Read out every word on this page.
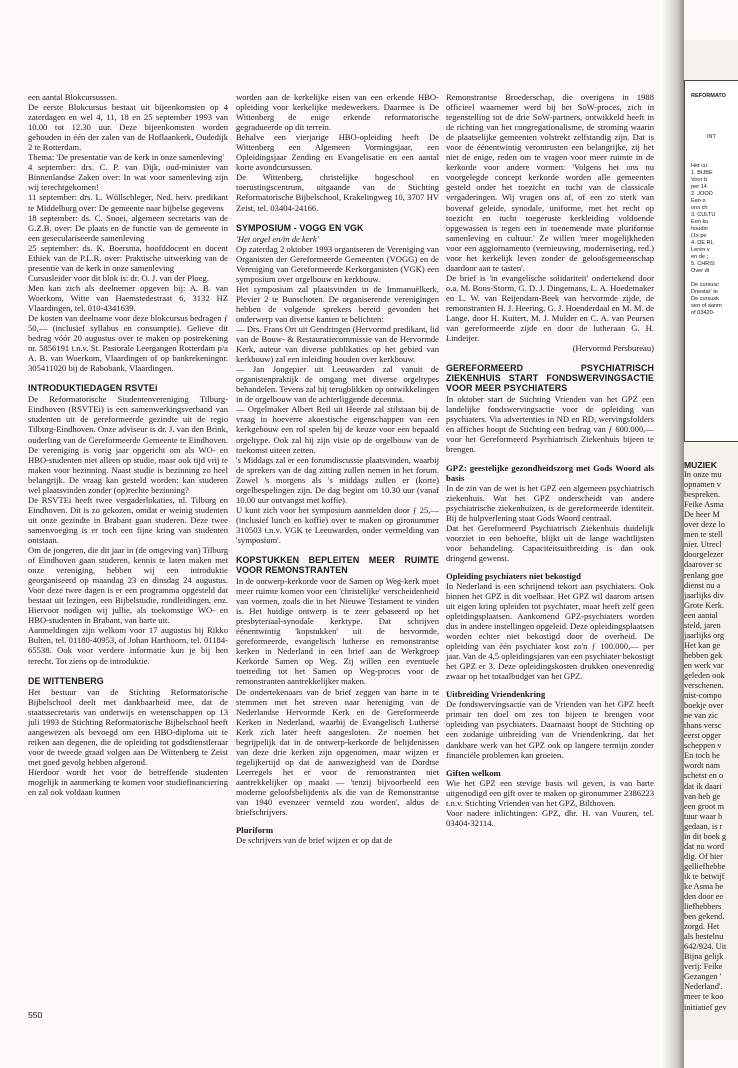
een aantal Blokcursussen.

De eerste Blokcursus bestaat uit bijeenkomsten op 4 zaterdagen en wel 4, 11, 18 en 25 september 1993 van 10.00 tot 12.30 uur. Deze bijeenkomsten worden gehouden in één der zalen van de Hoflaankerk, Oudedijk 2 te Rotterdam.

Thema: 'De presentatie van de kerk in onze samenleving'

4 september: drs. C. P. van Dijk, oud-minister van Binnenlandse Zaken over: In wat voor samenleving zijn wij terechtgekomen!

11 september: drs. L. Wüllschleger, Ned. herv. predikant te Middelburg over: De gemeente naar bijbelse gegevens

18 september: ds. C. Snoei, algemeen secretaris van de G.Z.B. over: De plaats en de functie van de gemeente in een geseculariseerde samenleving

25 september: ds. K. Boersma, hoofddocent en docent Ethiek van de P.L.R. over: Praktische uitwerking van de presentie van de kerk in onze samenleving

Cursusleider voor dit blok is: dr. O. J. van der Ploeg.

Men kan zich als deelnemer opgeven bij: A. B. van Woerkom, Witte van Haemstedestraat 6, 3132 HZ Vlaardingen, tel. 010-4341639.

De kosten van deelname voor deze blokcursus bedragen ƒ 50,— (inclusief syllabus en consumptie). Gelieve dit bedrag vóór 20 augustus over te maken op postrekening nr. 5856191 t.n.v. St. Pastorale Leergangen Rotterdam p/a A. B. van Woerkom, Vlaardingen of op bankrekeningnr. 305411020 bij de Rabobank, Vlaardingen.

INTRODUKTIEDAGEN RSVTEi

De Reformatorische Studentenvereniging Tilburg-Eindhoven (RSVTEi) is een samenwerkingsverband van studenten uit de gereformeerde gezindte uit de regio Tilburg-Eindhoven. Onze adviseur is dr. J. van den Brink, ouderling van de Gereformeerde Gemeente te Eindhoven. De vereniging is vorig jaar opgericht om als WO- en HBO-studenten niet alleen op studie, maar ook tijd vrij te maken voor bezinning. Naast studie is bezinning zo heel belangrijk. De vraag kan gesteld worden: kan studeren wel plaatsvinden zonder (op)rechte bezinning?

De RSVTEi heeft twee vergaderlokaties, nl. Tilburg en Eindhoven. Dit is zo gekozen, omdat er weinig studenten uit onze gezindte in Brabant gaan studeren. Deze twee samenvoeging is er toch een fijne kring van studenten ontstaan.

Om de jongeren, die dit jaar in (de omgeving van) Tilburg of Eindhoven gaan studeren, kennis te laten maken met onze vereniging, hebben wij een introduktie georganiseerd op maandag 23 en dinsdag 24 augustus. Voor deze twee dagen is er een programma opgesteld dat bestaat uit lezingen, een Bijbelstudie, rondleidingen, enz. Hiervoor nodigen wij jullie, als toekomstige WO- en HBO-studenten in Brabant, van harte uit.

Aanmeldingen zijn welkom voor 17 augustus bij Rikko Bulten, tel. 01180-40953, of Johan Harthoorn, tel. 01184-65538. Ook voor verdere informatie kun je bij hen terecht. Tot ziens op de introduktie.

DE WITTENBERG

Het bestuur van de Stichting Reformatorische Bijbelschool deelt met dankbaarheid mee, dat de staatssecretaris van onderwijs en wetenschappen op 13 juli 1993 de Stichting Reformatorische Bijbelschool heeft aangewezen als bevoegd om een HBO-diploma uit te reiken aan degenen, die de opleiding tot godsdienstleraar voor de tweede graad volgen aan De Wittenberg te Zeist met goed gevolg hebben afgerond.

Hierdoor wordt het voor de betreffende studenten mogelijk in aanmerking te komen voor studiefinanciering en zal ook voldaan kunnen

worden aan de kerkelijke eisen van een erkende HBO-opleiding voor kerkelijke medewerkers. Daarmee is De Wittenberg de enige erkende reformatorische gegradueerde op dit terrein.

Behalve een vierjarige HBO-opleiding heeft De Wittenberg een Algemeen Vormingsjaar, een Opleidingsjaar Zending en Evangelisatie en een aantal korte avondcursussen.

De Wittenberg, christelijke hogeschool en toerustingscentrum, uitgaande van de Stichting Reformatorische Bijbelschool, Krakelingweg 10, 3707 HV Zeist, tel. 03404-24166.

SYMPOSIUM - VOGG EN VGK

'Het orgel en/in de kerk'

Op zaterdag 2 oktober 1993 organiseren de Vereniging van Organisten der Gereformeerde Gemeenten (VOGG) en de Vereniging van Gereformeerde Kerkorganisten (VGK) een symposium over orgelbouw en kerkbouw.

Het symposium zal plaatsvinden in de Immanuëlkerk, Plevier 2 te Bunschoten. De organiserende verenigingen hebben de volgende sprekers bereid gevonden het onderwerp van diverse kanten te belichten:

— Drs. Frans Ort uit Gendringen (Hervormd predikant, lid van de Bouw- & Restauratiecommissie van de Hervormde Kerk, auteur van diverse publikaties op het gebied van kerkbouw) zal een inleiding houden over kerkbouw.

— Jan Jongepier uit Leeuwarden zal vanuit de organistenpraktijk de omgang met diverse orgeltypes behandelen. Tevens zal hij terugblikken op ontwikkelingen in de orgelbouw van de achterliggende decennia.

— Orgelmaker Albert Reil uit Heerde zal stilstaan bij de vraag in hoeverre akoestische eigenschappen van een kerkgebouw een rol spelen bij de keuze voor een bepaald orgeltype. Ook zal hij zijn visie op de orgelbouw van de toekomst uiteen zetten.

's Middags zal er een forumdiscussie plaatsvinden, waarbij de sprekers van de dag zitting zullen nemen in het forum. Zowel 's morgens als 's middags zullen er (korte) orgelbespelingen zijn. De dag begint om 10.30 uur (vanaf 10.00 uur ontvangst met koffie).

U kunt zich voor het symposium aanmelden door ƒ 25,— (inclusief lunch en koffie) over te maken op gironummer 310503 t.n.v. VGK te Leeuwarden, onder vermelding van 'symposium'.

KOPSTUKKEN BEPLEITEN MEER RUIMTE VOOR REMONSTRANTEN

In de ontwerp-kerkorde voor de Samen op Weg-kerk moet meer ruimte komen voor een 'christelijke' verscheidenheid van vormen, zoals die in het Nieuwe Testament te vinden is. Het huidige ontwerp is te zeer gebaseerd op het presbyteriaal-synodale kerktype. Dat schrijven éénentwintig 'kopstukken' uit de hervormde, gereformeerde, evangelisch lutherse en remonstrantse kerken in Nederland in een brief aan de Werkgroep Kerkorde Samen op Weg. Zij willen een eventuele toetreding tot het Samen op Weg-proces voor de remonstranten aantrekkelijker maken.

De ondertekenaars van de brief zeggen van harte in te stemmen met het streven naar hereniging van de Nederlandse Hervormde Kerk en de Gereformeerde Kerken in Nederland, waarbij de Evangelisch Lutherse Kerk zich later heeft aangesloten. Ze noemen het begrijpelijk dat in de ontwerp-kerkorde de belijdenissen van deze drie kerken zijn opgenomen, maar wijzen er tegelijkertijd op dat de aanwezigheid van de Dordtse Leerregels het er voor de remonstranten niet aantrekkelijker op maakt — 'tenzij bijvoorbeeld een moderne geloofsbelijdenis als die van de Remonstrantse van 1940 evenzeer vermeld zou worden', aldus de briefschrijvers.

Pluriform

De schrijvers van de brief wijzen er op dat de

Remonstrantse Broederschap, die overigens in 1988 officieel waarnemer werd bij het SoW-proces, zich in tegenstelling tot de drie SoW-partners, ontwikkeld heeft in de richting van het congregationalisme, de stroming waarin de plaatselijke gemeenten volstrekt zelfstandig zijn. Dat is voor de éénentwintig verontrusten een belangrijke, zij het niet de enige, reden om te vragen voor meer ruimte in de kerkorde voor andere vormen: 'Volgens het ons nu voorgelegde concept kerkorde worden alle gemeenten gesteld onder het toezicht en tucht van de classicale vergaderingen. Wij vragen ons af, of een zo sterk van bovenaf geleide, synodale, uniforme, met het recht op toezicht en tucht toegeruste kerkleiding voldoende opgewassen is tegen een in toenemende mate pluriforme samenleving en cultuur.' Ze willen 'meer mogelijkheden voor een aggiornamento (vernieuwing, modernisering, red.) voor het kerkelijk leven zonder de geloofsgemeenschap daardoor aan te tasten'.

De brief is 'in evangelische solidariteit' ondertekend door o.a. M. Bons-Storm, G. D. J. Dingemans, L. A. Hoedemaker en L. W. van Reijendam-Beek van hervormde zijde, de remonstranten H. J. Heering, G. J. Hoenderdaal en M. M. de Lange, door H. Kuitert, M. J. Mulder en C. A. van Peursen van gereformeerde zijde en door de lutheraan G. H. Lindeijer.

(Hervormd Persbureau)

GEREFORMEERD PSYCHIATRISCH ZIEKENHUIS START FONDSWERVINGSACTIE VOOR MEER PSYCHIATERS

In oktober start de Stichting Vrienden van het GPZ een landelijke fondswervingsactie voor de opleiding van psychiaters. Via advertenties in ND en RD, wervingsfolders en affiches hoopt de Stichting een bedrag van ƒ 600.000,— voor het Gereformeerd Psychiatrisch Ziekenhuis bijeen te brengen.

GPZ: geestelijke gezondheidszorg met Gods Woord als basis

In de zin van de wet is het GPZ een algemeen psychiatrisch ziekenhuis. Wat het GPZ onderscheidt van andere psychiatrische ziekenhuizen, is de gereformeerde identiteit. Bij de hulpverlening staat Gods Woord centraal.

Dat het Gereformeerd Psychiatrisch Ziekenhuis duidelijk voorziet in een behoefte, blijkt uit de lange wachtlijsten voor behandeling. Capaciteitsuitbreiding is dan ook dringend gewenst.

Opleiding psychiaters niet bekostigd

In Nederland is een schrijnend tekort aan psychiaters. Ook binnen het GPZ is dit voelbaar. Het GPZ wil daarom artsen uit eigen kring opleiden tot psychiater, maar heeft zelf geen opleidingsplaatsen. Aankomend GPZ-psychiaters worden dus in andere instellingen opgeleid. Deze opleidingsplaatsen worden echter niet bekostigd door de overheid. De opleiding van één psychiater kost zo'n ƒ 100.000,— per jaar. Van de 4,5 opleidingsjaren van een psychiater bekostigt het GPZ er 3. Deze opleidingskosten drukken onevenredig zwaar op het totaalbudget van het GPZ.

Uitbreiding Vriendenkring

De fondswervingsactie van de Vrienden van het GPZ heeft primair ten doel om zes ton bijeen te brengen voor opleiding van psychiaters. Daarnaast hoopt de Stichting op een zodanige uitbreiding van de Vriendenkring, dat het dankbare werk van het GPZ ook op langere termijn zonder financiële problemen kan groeien.

Giften welkom

Wie het GPZ een stevige basis wil geven, is van harte uitgenodigd een gift over te maken op gironummer 2386223 t.n.v. Stichting Vrienden van het GPZ, Bilthoven.

Voor nadere inlichtingen: GPZ, dhr. H. van Vuuren, tel. 03404-32114.

550
REFORMATO
INT
Het cu
1. BIJBE
Voor b
per 14
2. JOOD
Een o
ons ch
3. CULTU
Een ku
houdin
(1x pe
4. DE RL
Leren v
en de ;
5. CHRIS
Over di

De cursusc
Driestar' te
De cursusk
sen of aanm
of 03420-
MUZIEK
In onze mu
opnamen v
bespreken.
Feike Asma
De heer M
over deze lo
men te stell
nier. Utrecl
doorgelezer
daarover sc
renlang goe
dienst nu a
jaarlijks div
Grote Kerk.
een aantal
steld, jaren
jaarlijks org
Het kan ge
hebben gek
en werk var
geleden ook
verschenen.
nist-compo
boekje over
ne van zic
thans versc
eerst opger
scheppen v
En toch he
wordt nam
schetst en o
dat ik daari
van heb ge
een groot m
tuur waar h
gedaan, is r
in dit boek g
dat nu word
dig. Of hier
gelliefhebbe
ik te betwijf
ke Asma be
den door ee
liefhebbers
ben gekend.
zorgd. Het
als bestelnu
642/924. Uit
Bijna gelijk
verij: Feike
Gezangen '
Nederland'.
meer te koo
initiatief gev
